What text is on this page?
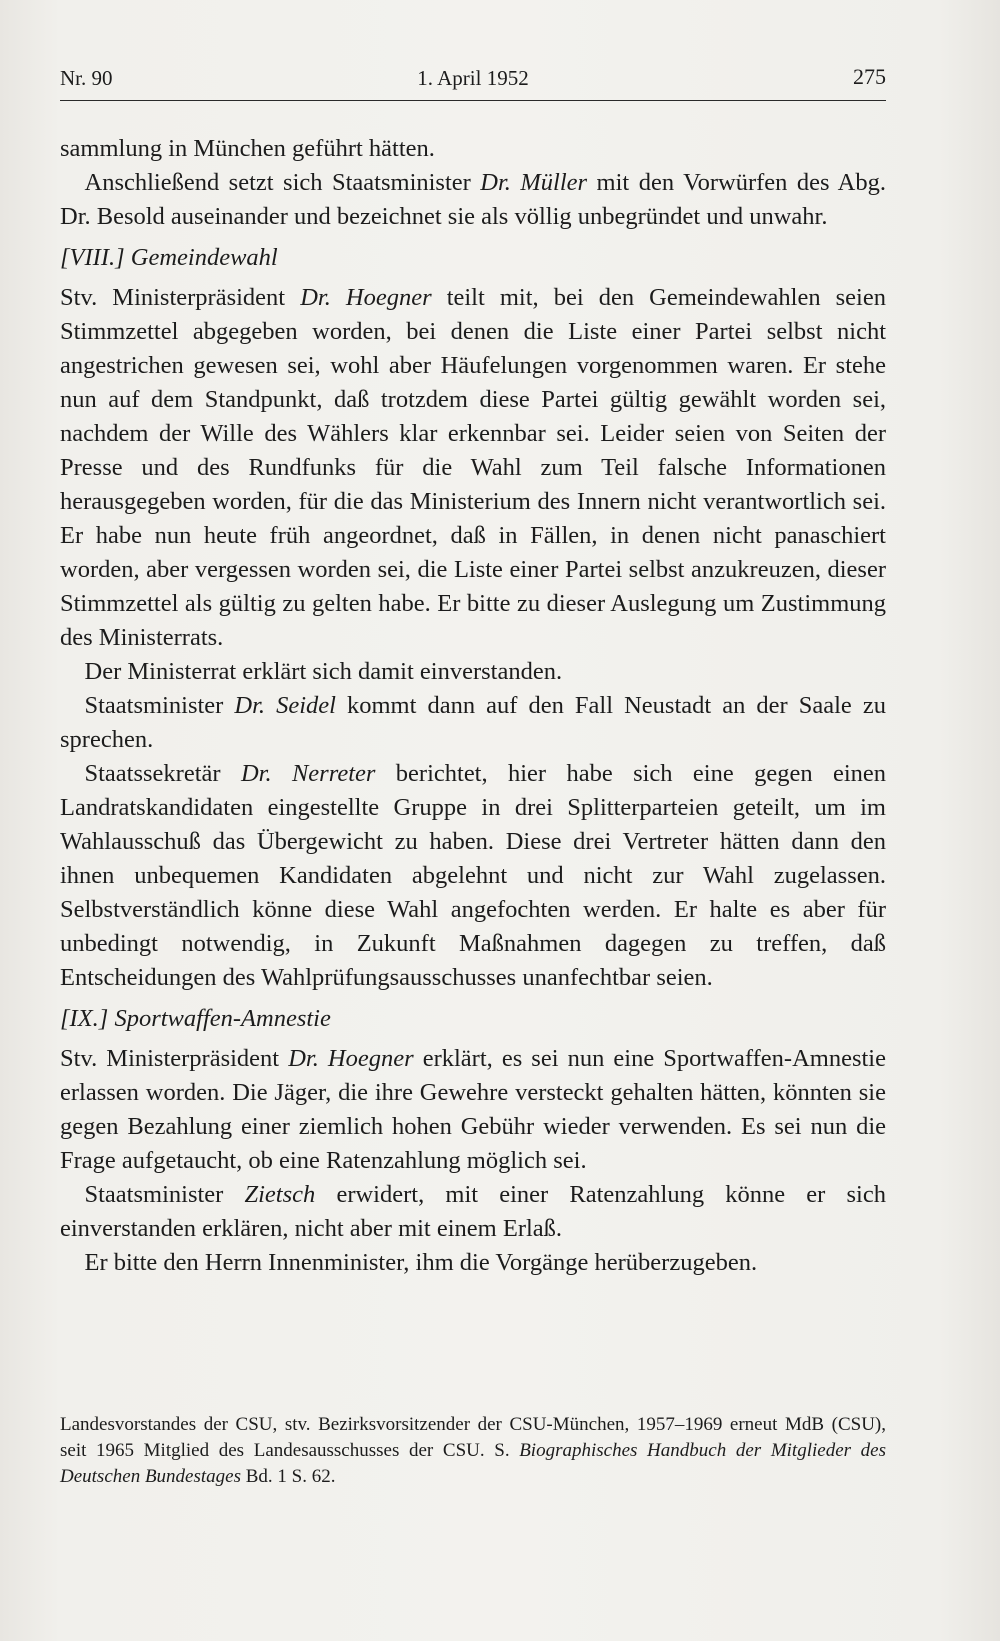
Nr. 90	1. April 1952	275

sammlung in München geführt hätten.

Anschließend setzt sich Staatsminister Dr. Müller mit den Vorwürfen des Abg. Dr. Besold auseinander und bezeichnet sie als völlig unbegründet und unwahr.

[VIII.] Gemeindewahl

Stv. Ministerpräsident Dr. Hoegner teilt mit, bei den Gemeindewahlen seien Stimmzettel abgegeben worden, bei denen die Liste einer Partei selbst nicht angestrichen gewesen sei, wohl aber Häufelungen vorgenommen waren. Er stehe nun auf dem Standpunkt, daß trotzdem diese Partei gültig gewählt worden sei, nachdem der Wille des Wählers klar erkennbar sei. Leider seien von Seiten der Presse und des Rundfunks für die Wahl zum Teil falsche Informationen herausgegeben worden, für die das Ministerium des Innern nicht verantwortlich sei. Er habe nun heute früh angeordnet, daß in Fällen, in denen nicht panaschiert worden, aber vergessen worden sei, die Liste einer Partei selbst anzukreuzen, dieser Stimmzettel als gültig zu gelten habe. Er bitte zu dieser Auslegung um Zustimmung des Ministerrats.

Der Ministerrat erklärt sich damit einverstanden.

Staatsminister Dr. Seidel kommt dann auf den Fall Neustadt an der Saale zu sprechen.

Staatssekretär Dr. Nerreter berichtet, hier habe sich eine gegen einen Landratskandidaten eingestellte Gruppe in drei Splitterparteien geteilt, um im Wahlausschuß das Übergewicht zu haben. Diese drei Vertreter hätten dann den ihnen unbequemen Kandidaten abgelehnt und nicht zur Wahl zugelassen. Selbstverständlich könne diese Wahl angefochten werden. Er halte es aber für unbedingt notwendig, in Zukunft Maßnahmen dagegen zu treffen, daß Entscheidungen des Wahlprüfungsausschusses unanfechtbar seien.

[IX.] Sportwaffen-Amnestie

Stv. Ministerpräsident Dr. Hoegner erklärt, es sei nun eine Sportwaffen-Amnestie erlassen worden. Die Jäger, die ihre Gewehre versteckt gehalten hätten, könnten sie gegen Bezahlung einer ziemlich hohen Gebühr wieder verwenden. Es sei nun die Frage aufgetaucht, ob eine Ratenzahlung möglich sei.

Staatsminister Zietsch erwidert, mit einer Ratenzahlung könne er sich einverstanden erklären, nicht aber mit einem Erlaß.

Er bitte den Herrn Innenminister, ihm die Vorgänge herüberzugeben.

Landesvorstandes der CSU, stv. Bezirksvorsitzender der CSU-München, 1957–1969 erneut MdB (CSU), seit 1965 Mitglied des Landesausschusses der CSU. S. Biographisches Handbuch der Mitglieder des Deutschen Bundestages Bd. 1 S. 62.
